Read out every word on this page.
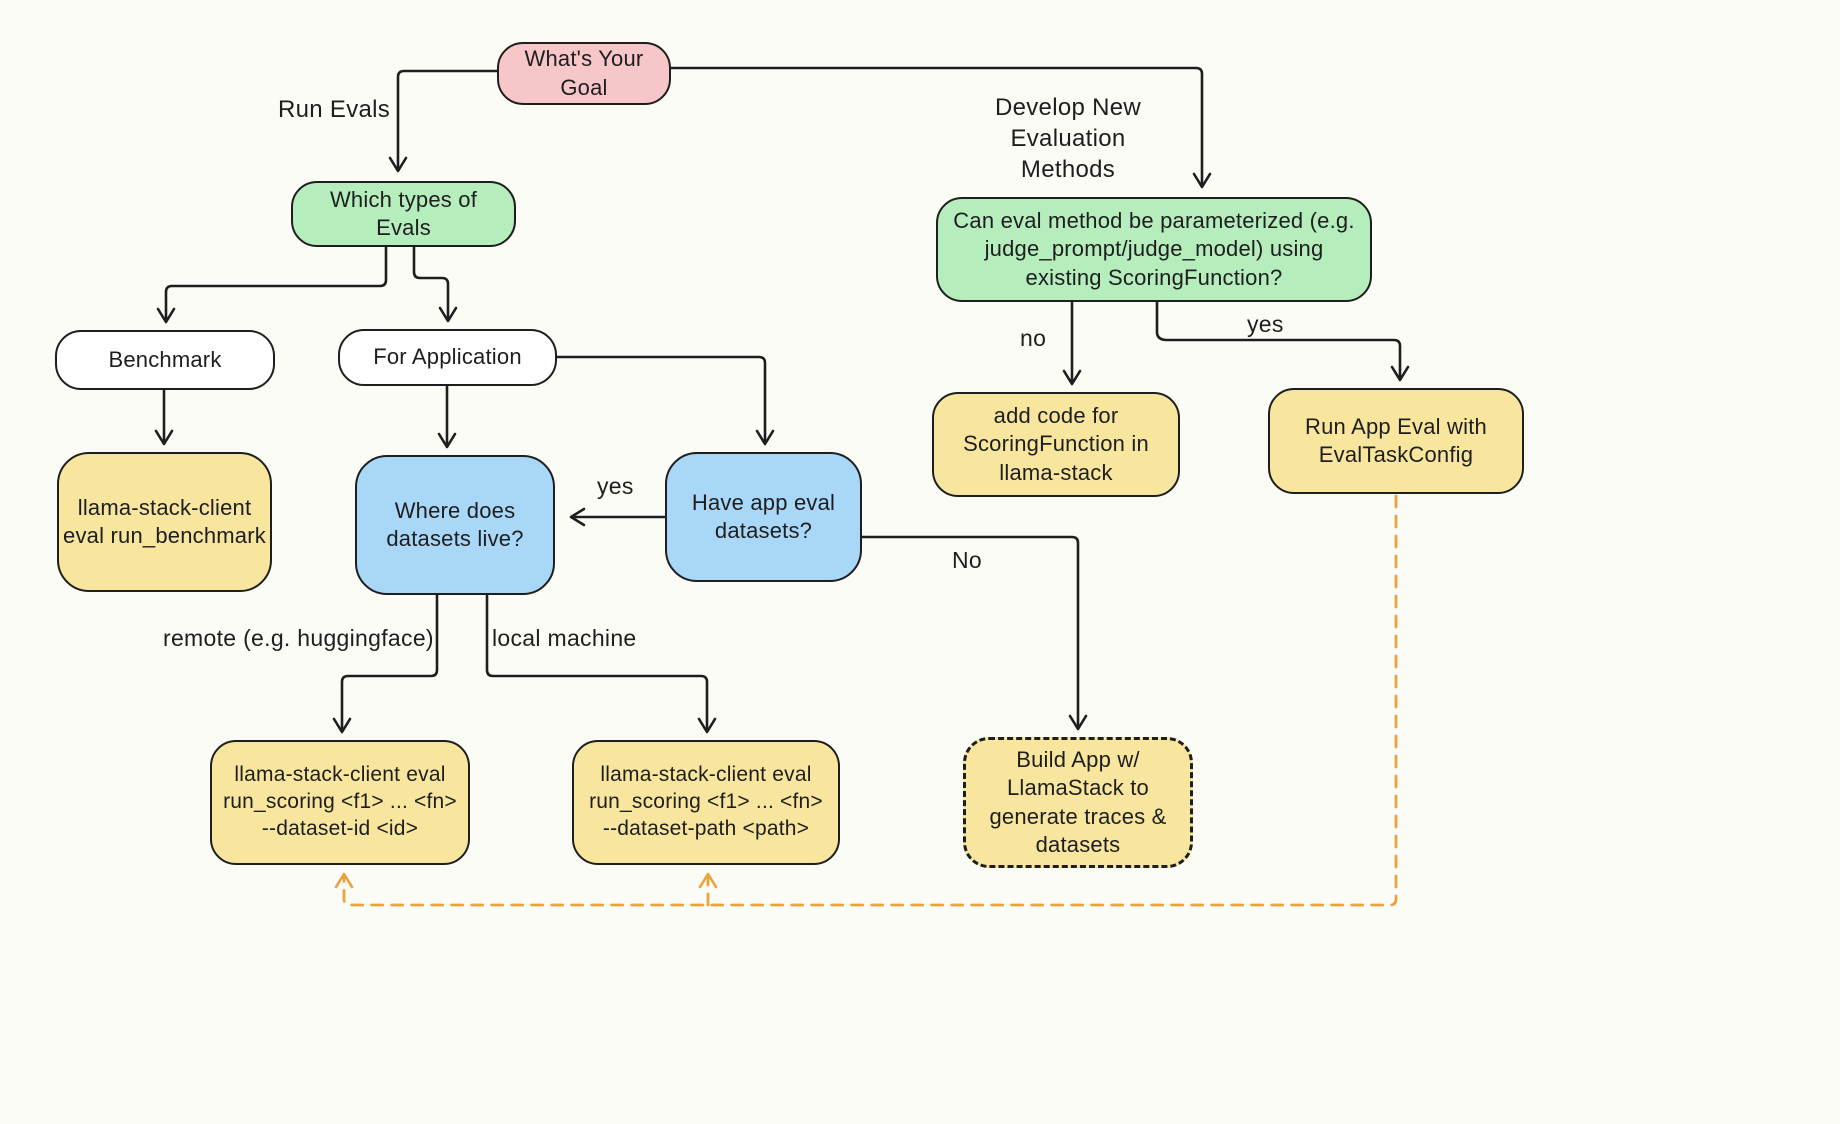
What's Your
Goal
Which types of
Evals	Can eval method be parameterized (e.g.
judge_prompt/judge_model) using
existing ScoringFunction?
Benchmark	For Application
llama-stack-client
eval run_benchmark
Where does
datasets live?
Have app eval
datasets?
add code for
ScoringFunction in
llama-stack
Run App Eval with
EvalTaskConfig
llama-stack-client eval
run_scoring <f1> ... <fn>
--dataset-id <id>
llama-stack-client eval
run_scoring <f1> ... <fn>
--dataset-path <path>
Build App w/
LlamaStack to
generate traces &
datasets
Run Evals	Develop New Evaluation
Methods
no
yes
yes
No
remote (e.g. huggingface)	local machine
